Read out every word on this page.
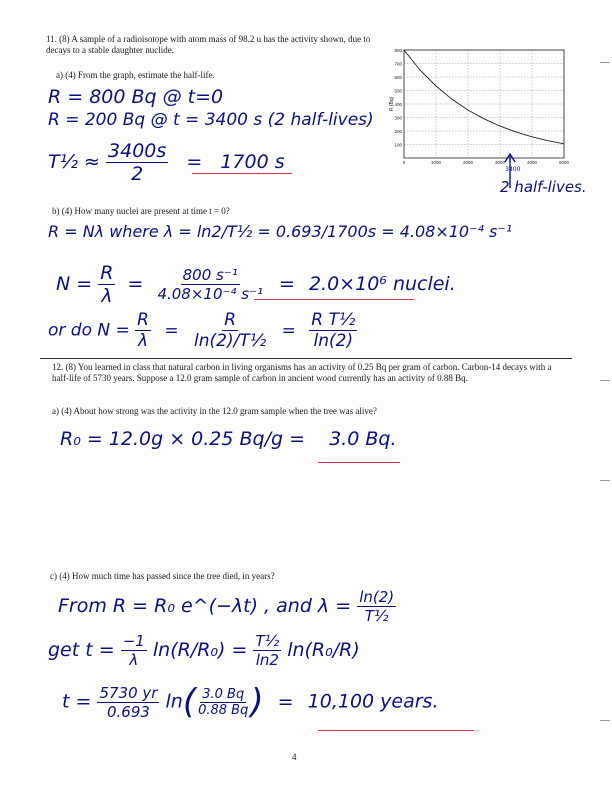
11. (8) A sample of a radioisotope with atom mass of 98.2 u has the activity shown, due to decays to a stable daughter nuclide.
a) (4) From the graph, estimate the half-life.
100
200
300
400
500
600
700
800
0	1000	2000	3000	4000	5000
R (Bq)
3400
2 half-lives.
R = 800 Bq @ t=0
R = 200 Bq @ t = 3400 s (2 half-lives)
T½ ≈ $\frac{3400s}{2} = 1700$ s
b) (4) How many nuclei are present at time t = 0?
R = Nλ where λ = ln2/T½ = 0.693/1700s = 4.08×10⁻⁴ s⁻¹
$N = \frac{R}{\lambda} = \frac{\text{800 s⁻¹}}{\text{4.08×10⁻⁴ s⁻¹}} = 2.0\times 10^6$ nuclei.
or do $N = \frac{R}{\lambda} = \frac{R}{\text{ln(2)/T½}} = \frac{\text{R T½}}{\ln(2)}$
12. (8) You learned in class that natural carbon in living organisms has an activity of 0.25 Bq per gram of carbon. Carbon-14 decays with a half-life of 5730 years. Suppose a 12.0 gram sample of carbon in ancient wood currently has an activity of 0.88 Bq.
a) (4) About how strong was the activity in the 12.0 gram sample when the tree was alive?
R₀ = 12.0g × 0.25 Bq/g = 3.0 Bq.
c) (4) How much time has passed since the tree died, in years?
From R = R₀ e^(−λt) , and $\lambda = \frac{\ln(2)}{\text{T½}}$
get $t = \frac{-1}{\lambda} \ln(R/R_0) = \frac{\text{T½}}{\ln 2} \ln(R_0/R)$
$t = \frac{5730 yr}{0.693} \ln( \frac{3.0 Bq}{0.88 Bq}$ ) = 10,100 years.
4
